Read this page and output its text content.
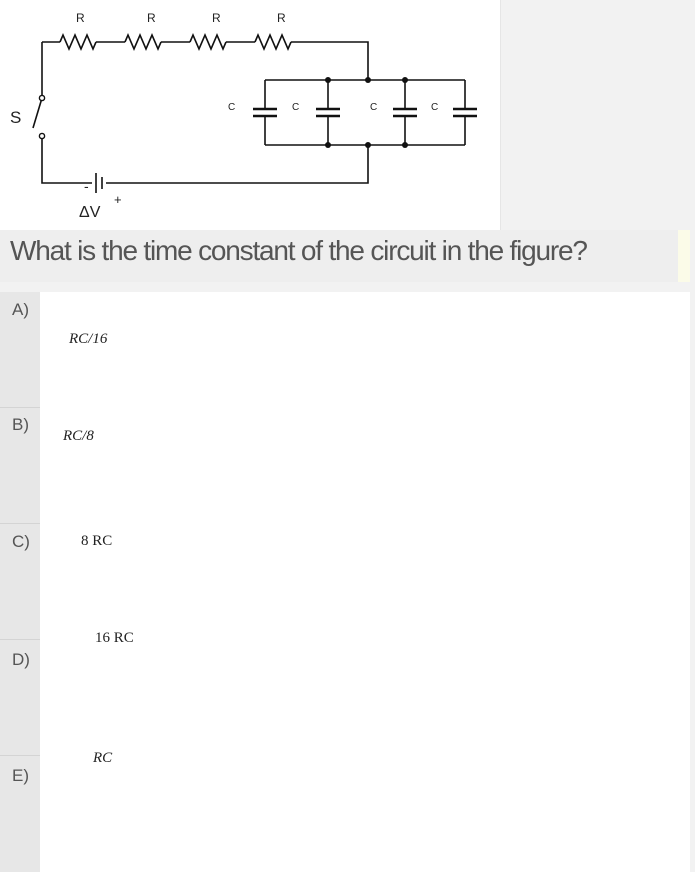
R	R	R	R
C	C	C	C
S
-
+
ΔV
What is the time constant of the circuit in the figure?
A)
RC/16
B)
RC/8
C)	8 RC
D)
16 RC
E)
RC
